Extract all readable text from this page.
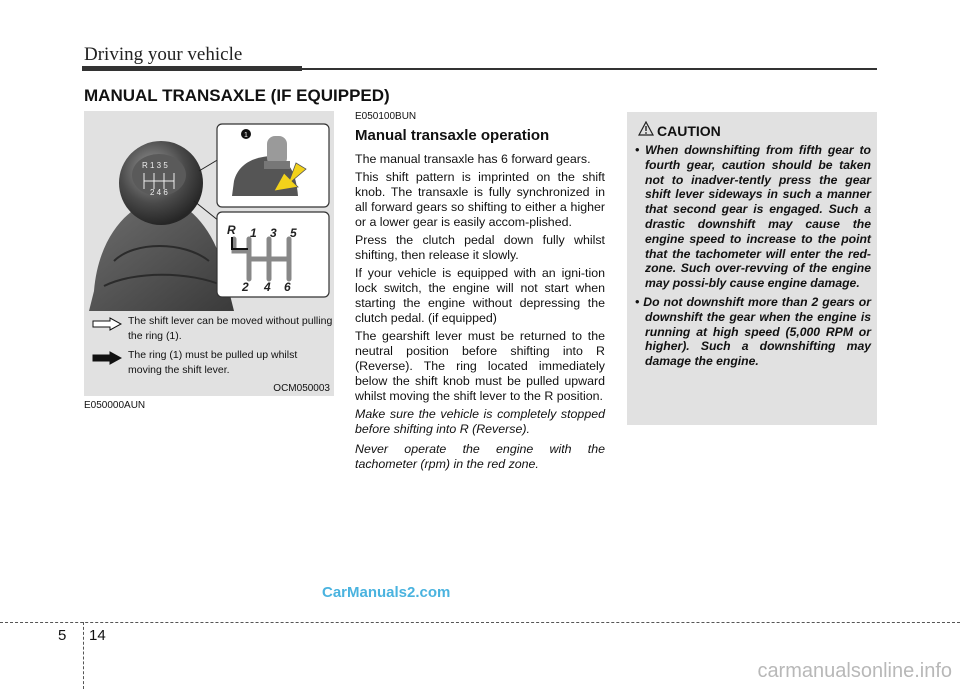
Driving your vehicle
MANUAL TRANSAXLE (IF EQUIPPED)
R 1 3 5
2 4 6
1
R 1 3 5
2 4 6
The shift lever can be moved without pulling the ring (1).
The ring (1) must be pulled up whilst moving the shift lever.
OCM050003
E050000AUN
E050100BUN
Manual transaxle operation

The manual transaxle has 6 forward gears.

This shift pattern is imprinted on the shift knob. The transaxle is fully synchronized in all forward gears so shifting to either a higher or a lower gear is easily accom-plished.

Press the clutch pedal down fully whilst shifting, then release it slowly.

If your vehicle is equipped with an igni-tion lock switch, the engine will not start when starting the engine without depressing the clutch pedal. (if equipped)

The gearshift lever must be returned to the neutral position before shifting into R (Reverse). The ring located immediately below the shift knob must be pulled upward whilst moving the shift lever to the R position.

Make sure the vehicle is completely stopped before shifting into R (Reverse).

Never operate the engine with the tachometer (rpm) in the red zone.

CAUTION
• When downshifting from fifth gear to fourth gear, caution should be taken not to inadver-tently press the gear shift lever sideways in such a manner that second gear is engaged. Such a drastic downshift may cause the engine speed to increase to the point that the tachometer will enter the red-zone. Such over-revving of the engine may possi-bly cause engine damage.
• Do not downshift more than 2 gears or downshift the gear when the engine is running at high speed (5,000 RPM or higher). Such a downshifting may damage the engine.
CarManuals2.com
5 14
carmanualsonline.info
